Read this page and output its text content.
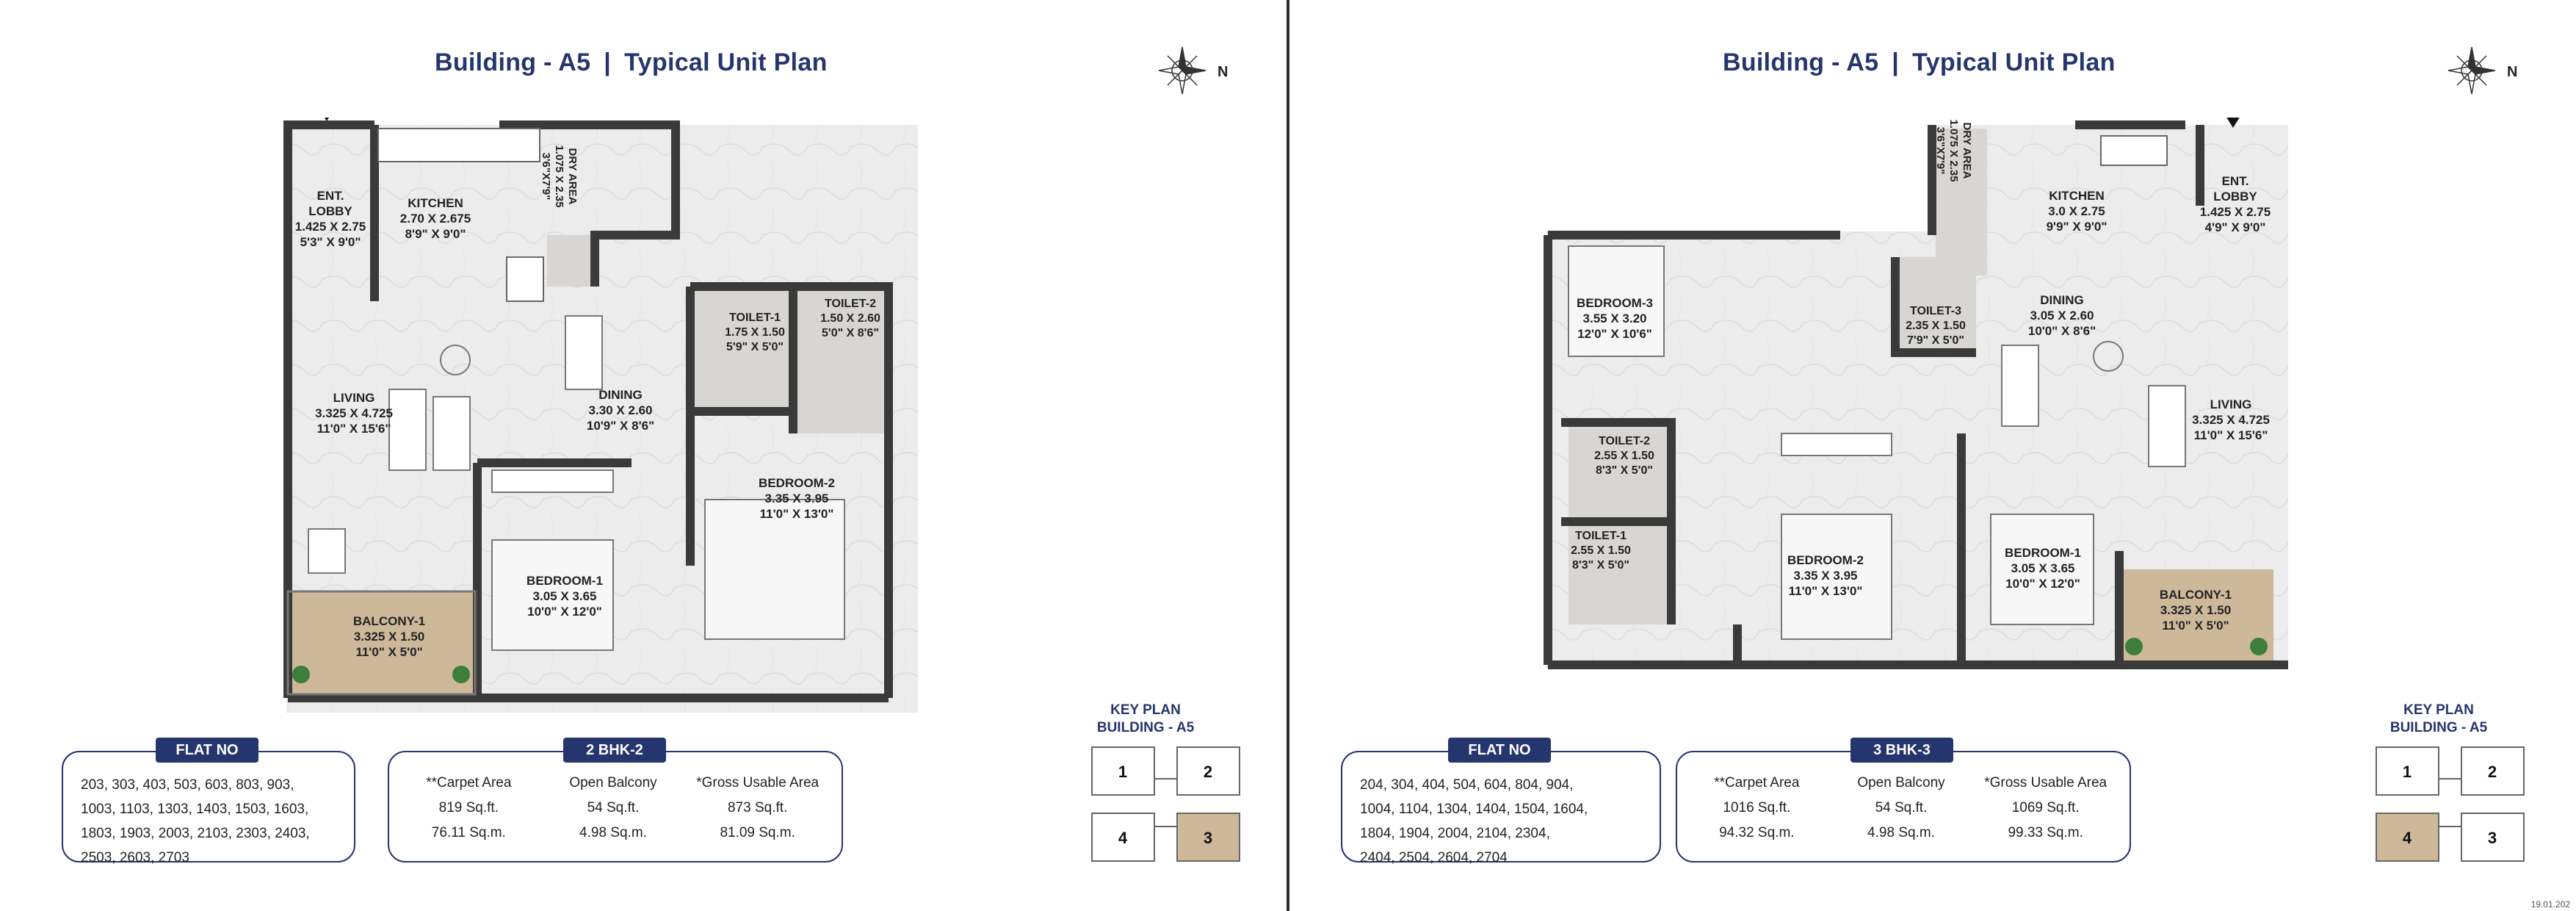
Building - A5 | Typical Unit Plan	N
ENT. LOBBY 1.425 X 2.75 5'3" X 9'0"
KITCHEN 2.70 X 2.675 8'9" X 9'0"
DRY AREA1.075 X 2.353'6"X7'9"
TOILET-1 1.75 X 1.50 5'9" X 5'0"
TOILET-2 1.50 X 2.60 5'0" X 8'6"
LIVING 3.325 X 4.725 11'0" X 15'6"
DINING 3.30 X 2.60 10'9" X 8'6"
BEDROOM-2 3.35 X 3.95 11'0" X 13'0"
BEDROOM-1 3.05 X 3.65 10'0" X 12'0"
BALCONY-1 3.325 X 1.50 11'0" X 5'0"
KEY PLAN
BUILDING - A5
1	2
4	3
FLAT NO
203, 303, 403, 503, 603, 803, 903,
1003, 1103, 1303, 1403, 1503, 1603,
1803, 1903, 2003, 2103, 2303, 2403,
2503, 2603, 2703
2 BHK-2
**Carpet Area	Open Balcony	*Gross Usable Area
819 Sq.ft.	54 Sq.ft.	873 Sq.ft.
76.11 Sq.m.	4.98 Sq.m.	81.09 Sq.m.
Building - A5 | Typical Unit Plan	N
DRY AREA1.075 X 2.353'6"X7'9"
KITCHEN 3.0 X 2.75 9'9" X 9'0"
ENT. LOBBY 1.425 X 2.75 4'9" X 9'0"
BEDROOM-3 3.55 X 3.20 12'0" X 10'6"
TOILET-3 2.35 X 1.50 7'9" X 5'0"
DINING 3.05 X 2.60 10'0" X 8'6"
LIVING 3.325 X 4.725 11'0" X 15'6"
TOILET-2 2.55 X 1.50 8'3" X 5'0"
TOILET-1 2.55 X 1.50 8'3" X 5'0"	BEDROOM-2 3.35 X 3.95 11'0" X 13'0"
BEDROOM-1 3.05 X 3.65 10'0" X 12'0"
BALCONY-1 3.325 X 1.50 11'0" X 5'0"
KEY PLAN
BUILDING - A5
1	2
4	3
FLAT NO
204, 304, 404, 504, 604, 804, 904,
1004, 1104, 1304, 1404, 1504, 1604,
1804, 1904, 2004, 2104, 2304,
2404, 2504, 2604, 2704
3 BHK-3
**Carpet Area	Open Balcony	*Gross Usable Area
1016 Sq.ft.	54 Sq.ft.	1069 Sq.ft.
94.32 Sq.m.	4.98 Sq.m.	99.33 Sq.m.
19.01.202
